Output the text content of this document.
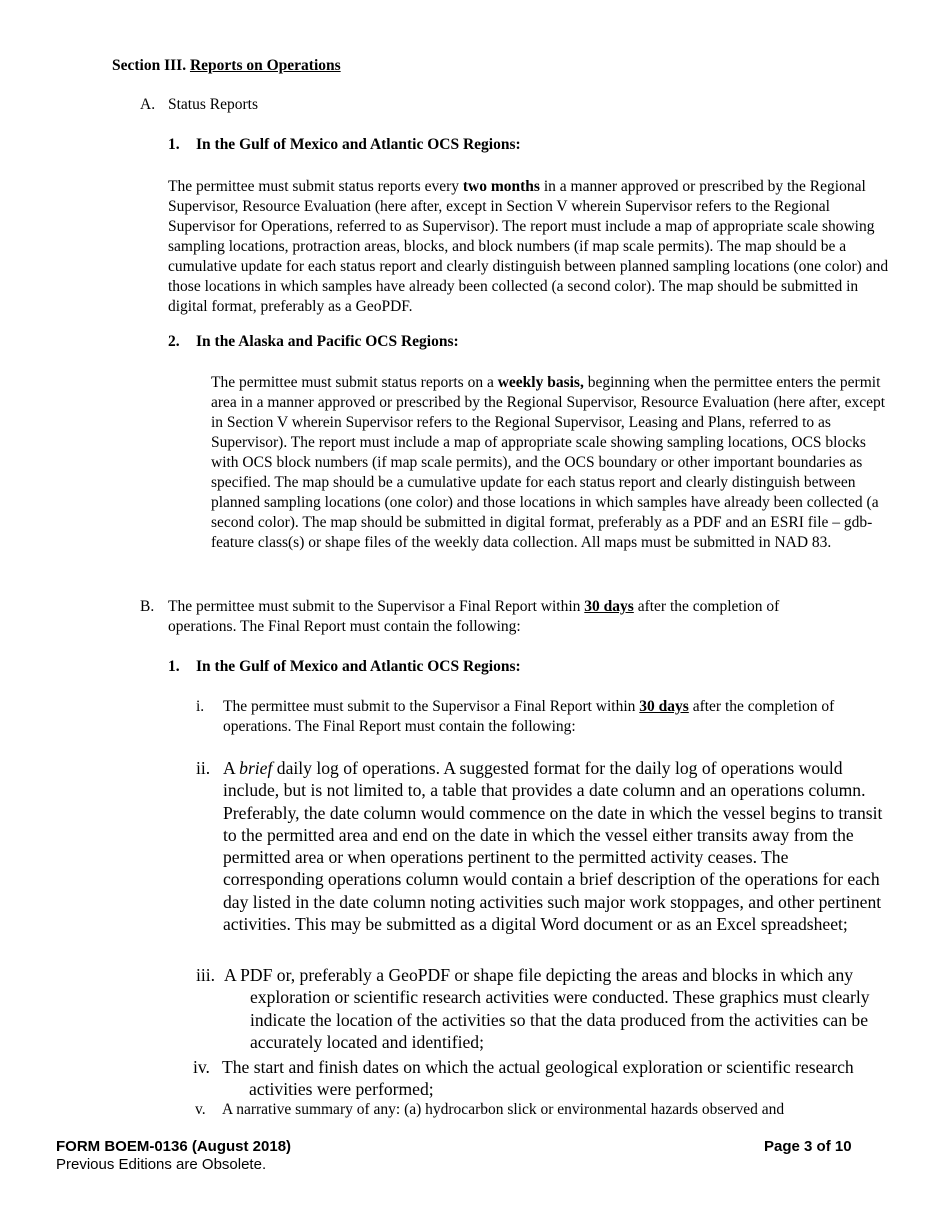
Section III. Reports on Operations
A. Status Reports
1. In the Gulf of Mexico and Atlantic OCS Regions:

The permittee must submit status reports every two months in a manner approved or prescribed by the Regional Supervisor, Resource Evaluation (here after, except in Section V wherein Supervisor refers to the Regional Supervisor for Operations, referred to as Supervisor). The report must include a map of appropriate scale showing sampling locations, protraction areas, blocks, and block numbers (if map scale permits). The map should be a cumulative update for each status report and clearly distinguish between planned sampling locations (one color) and those locations in which samples have already been collected (a second color). The map should be submitted in digital format, preferably as a GeoPDF.

2. In the Alaska and Pacific OCS Regions:

The permittee must submit status reports on a weekly basis, beginning when the permittee enters the permit area in a manner approved or prescribed by the Regional Supervisor, Resource Evaluation (here after, except in Section V wherein Supervisor refers to the Regional Supervisor, Leasing and Plans, referred to as Supervisor). The report must include a map of appropriate scale showing sampling locations, OCS blocks with OCS block numbers (if map scale permits), and the OCS boundary or other important boundaries as specified. The map should be a cumulative update for each status report and clearly distinguish between planned sampling locations (one color) and those locations in which samples have already been collected (a second color). The map should be submitted in digital format, preferably as a PDF and an ESRI file – gdb-feature class(s) or shape files of the weekly data collection. All maps must be submitted in NAD 83.

B. The permittee must submit to the Supervisor a Final Report within 30 days after the completion of operations. The Final Report must contain the following:

1. In the Gulf of Mexico and Atlantic OCS Regions:
i. The permittee must submit to the Supervisor a Final Report within 30 days after the completion of operations. The Final Report must contain the following:

ii. A brief daily log of operations. A suggested format for the daily log of operations would include, but is not limited to, a table that provides a date column and an operations column. Preferably, the date column would commence on the date in which the vessel begins to transit to the permitted area and end on the date in which the vessel either transits away from the permitted area or when operations pertinent to the permitted activity ceases. The corresponding operations column would contain a brief description of the operations for each day listed in the date column noting activities such major work stoppages, and other pertinent activities. This may be submitted as a digital Word document or as an Excel spreadsheet;

iii. A PDF or, preferably a GeoPDF or shape file depicting the areas and blocks in which any exploration or scientific research activities were conducted. These graphics must clearly indicate the location of the activities so that the data produced from the activities can be accurately located and identified;

iv. The start and finish dates on which the actual geological exploration or scientific research activities were performed;

v. A narrative summary of any: (a) hydrocarbon slick or environmental hazards observed and

FORM BOEM-0136 (August 2018)	Page 3 of 10
Previous Editions are Obsolete.
